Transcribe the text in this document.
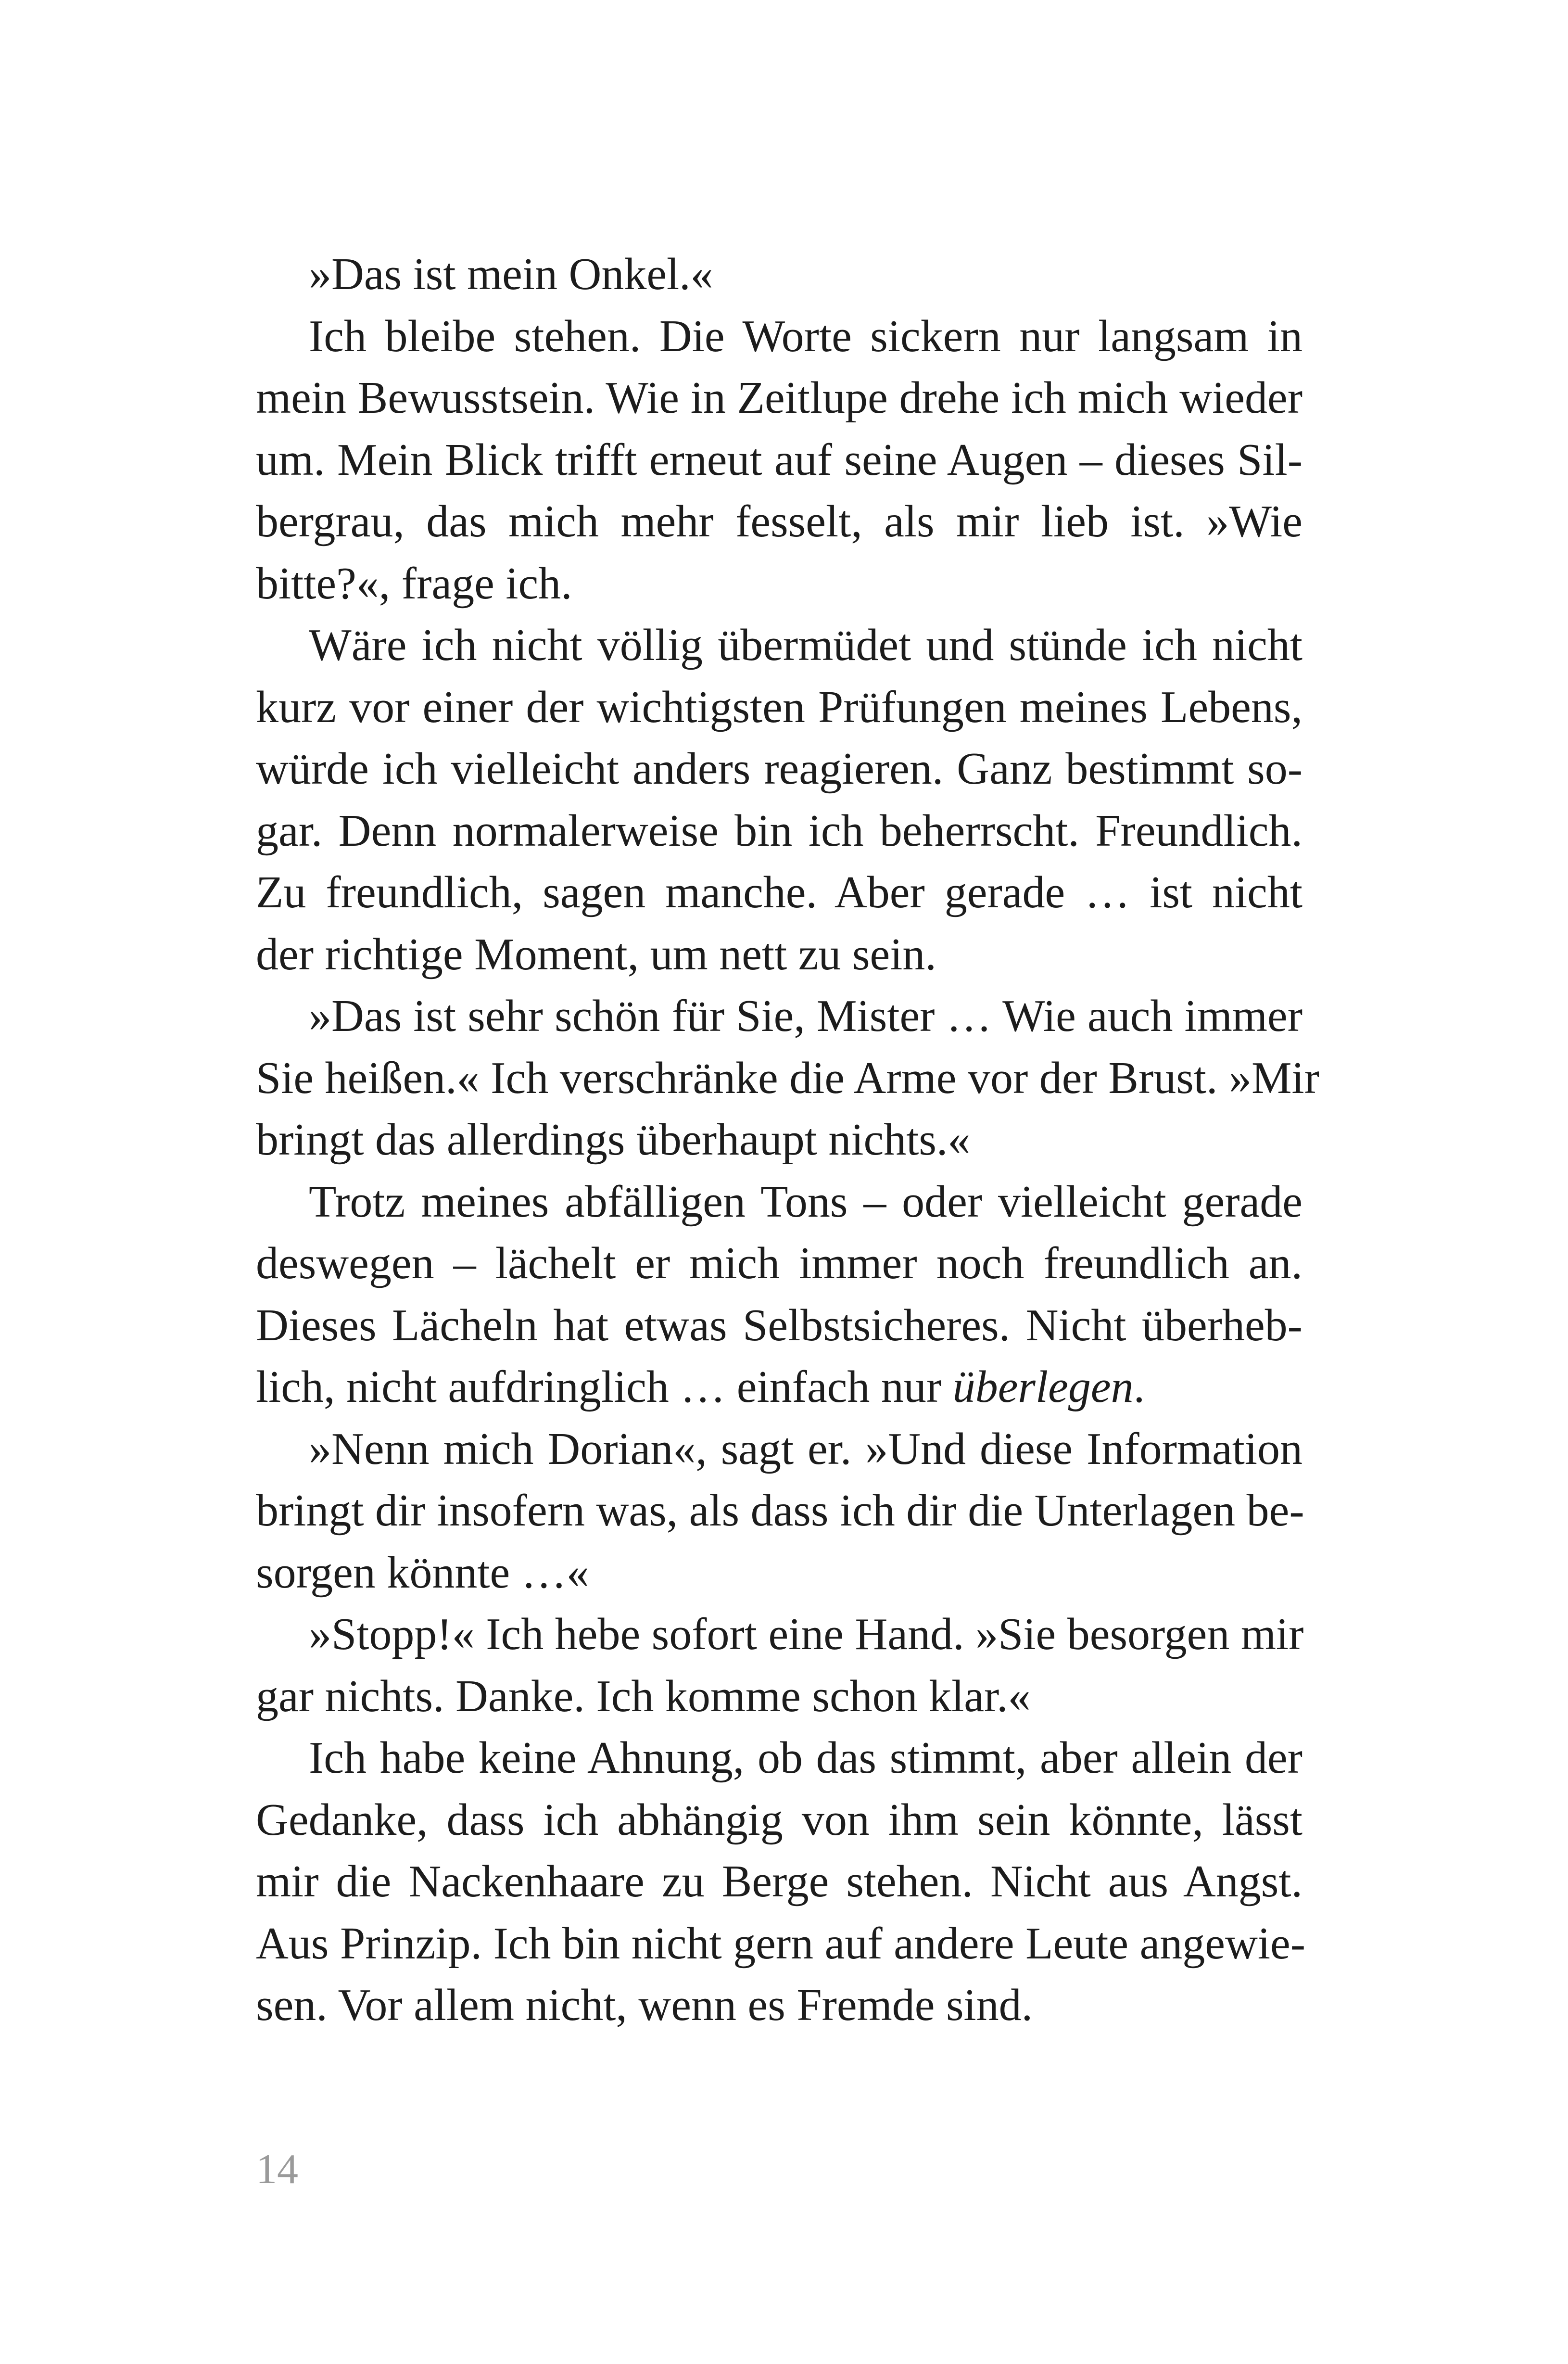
»Das ist mein Onkel.«
Ich bleibe stehen. Die Worte sickern nur langsam in
mein Bewusstsein. Wie in Zeitlupe drehe ich mich wieder
um. Mein Blick trifft erneut auf seine Augen – dieses Sil-
bergrau, das mich mehr fesselt, als mir lieb ist. »Wie
bitte?«, frage ich.
Wäre ich nicht völlig übermüdet und stünde ich nicht
kurz vor einer der wichtigsten Prüfungen meines Lebens,
würde ich vielleicht anders reagieren. Ganz bestimmt so-
gar. Denn normalerweise bin ich beherrscht. Freundlich.
Zu freundlich, sagen manche. Aber gerade … ist nicht
der richtige Moment, um nett zu sein.
»Das ist sehr schön für Sie, Mister … Wie auch immer
Sie heißen.« Ich verschränke die Arme vor der Brust. »Mir
bringt das allerdings überhaupt nichts.«
Trotz meines abfälligen Tons – oder vielleicht gerade
deswegen – lächelt er mich immer noch freundlich an.
Dieses Lächeln hat etwas Selbstsicheres. Nicht überheb-
lich, nicht aufdringlich … einfach nur überlegen.
»Nenn mich Dorian«, sagt er. »Und diese Information
bringt dir insofern was, als dass ich dir die Unterlagen be-
sorgen könnte …«
»Stopp!« Ich hebe sofort eine Hand. »Sie besorgen mir
gar nichts. Danke. Ich komme schon klar.«
Ich habe keine Ahnung, ob das stimmt, aber allein der
Gedanke, dass ich abhängig von ihm sein könnte, lässt
mir die Nackenhaare zu Berge stehen. Nicht aus Angst.
Aus Prinzip. Ich bin nicht gern auf andere Leute angewie-
sen. Vor allem nicht, wenn es Fremde sind.
14
